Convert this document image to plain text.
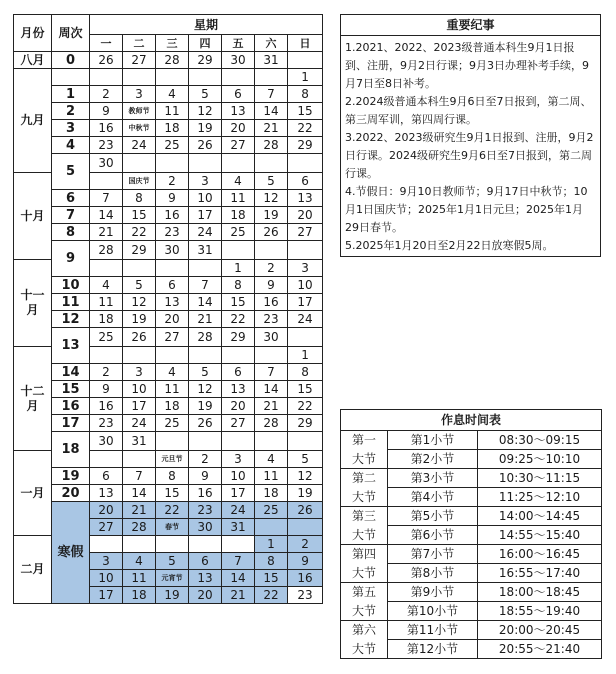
月份	周次	星期						
		一	二	三	四	五	六	日
八月	0	26	27	28	29	30	31	
九月								1
	1	2	3	4	5	6	7	8
	2	9	教师节	11	12	13	14	15
	3	16	中秋节	18	19	20	21	22
	4	23	24	25	26	27	28	29
	5	30						
十月			国庆节	2	3	4	5	6
	6	7	8	9	10	11	12	13
	7	14	15	16	17	18	19	20
	8	21	22	23	24	25	26	27
	9	28	29	30	31			
十一月						1	2	3
	10	4	5	6	7	8	9	10
	11	11	12	13	14	15	16	17
	12	18	19	20	21	22	23	24
	13	25	26	27	28	29	30	
十二月								1
	14	2	3	4	5	6	7	8
	15	9	10	11	12	13	14	15
	16	16	17	18	19	20	21	22
	17	23	24	25	26	27	28	29
	18	30	31					
一月				元旦节	2	3	4	5
	19	6	7	8	9	10	11	12
	20	13	14	15	16	17	18	19
	寒假	20	21	22	23	24	25	26
		27	28	春节	30	31		
二月							1	2
		3	4	5	6	7	8	9
		10	11	元宵节	13	14	15	16
		17	18	19	20	21	22	23
重要纪事

1.2021、2022、2023级普通本科生9月1日报到、注册，9月2日行课；9月3日办理补考手续，9月7日至8日补考。

2.2024级普通本科生9月6日至7日报到，第二周、第三周军训，第四周行课。

3.2022、2023级研究生9月1日报到、注册，9月2日行课。2024级研究生9月6日至7日报到，第二周行课。

4.节假日：9月10日教师节；9月17日中秋节；10月1日国庆节；2025年1月1日元旦；2025年1月29日春节。

5.2025年1月20日至2月22日放寒假5周。

作息时间表		
第一	第1小节	08:30～09:15
大节	第2小节	09:25～10:10
第二	第3小节	10:30～11:15
大节	第4小节	11:25～12:10
第三	第5小节	14:00～14:45
大节	第6小节	14:55～15:40
第四	第7小节	16:00～16:45
大节	第8小节	16:55～17:40
第五	第9小节	18:00～18:45
大节	第10小节	18:55～19:40
第六	第11小节	20:00～20:45
大节	第12小节	20:55～21:40
